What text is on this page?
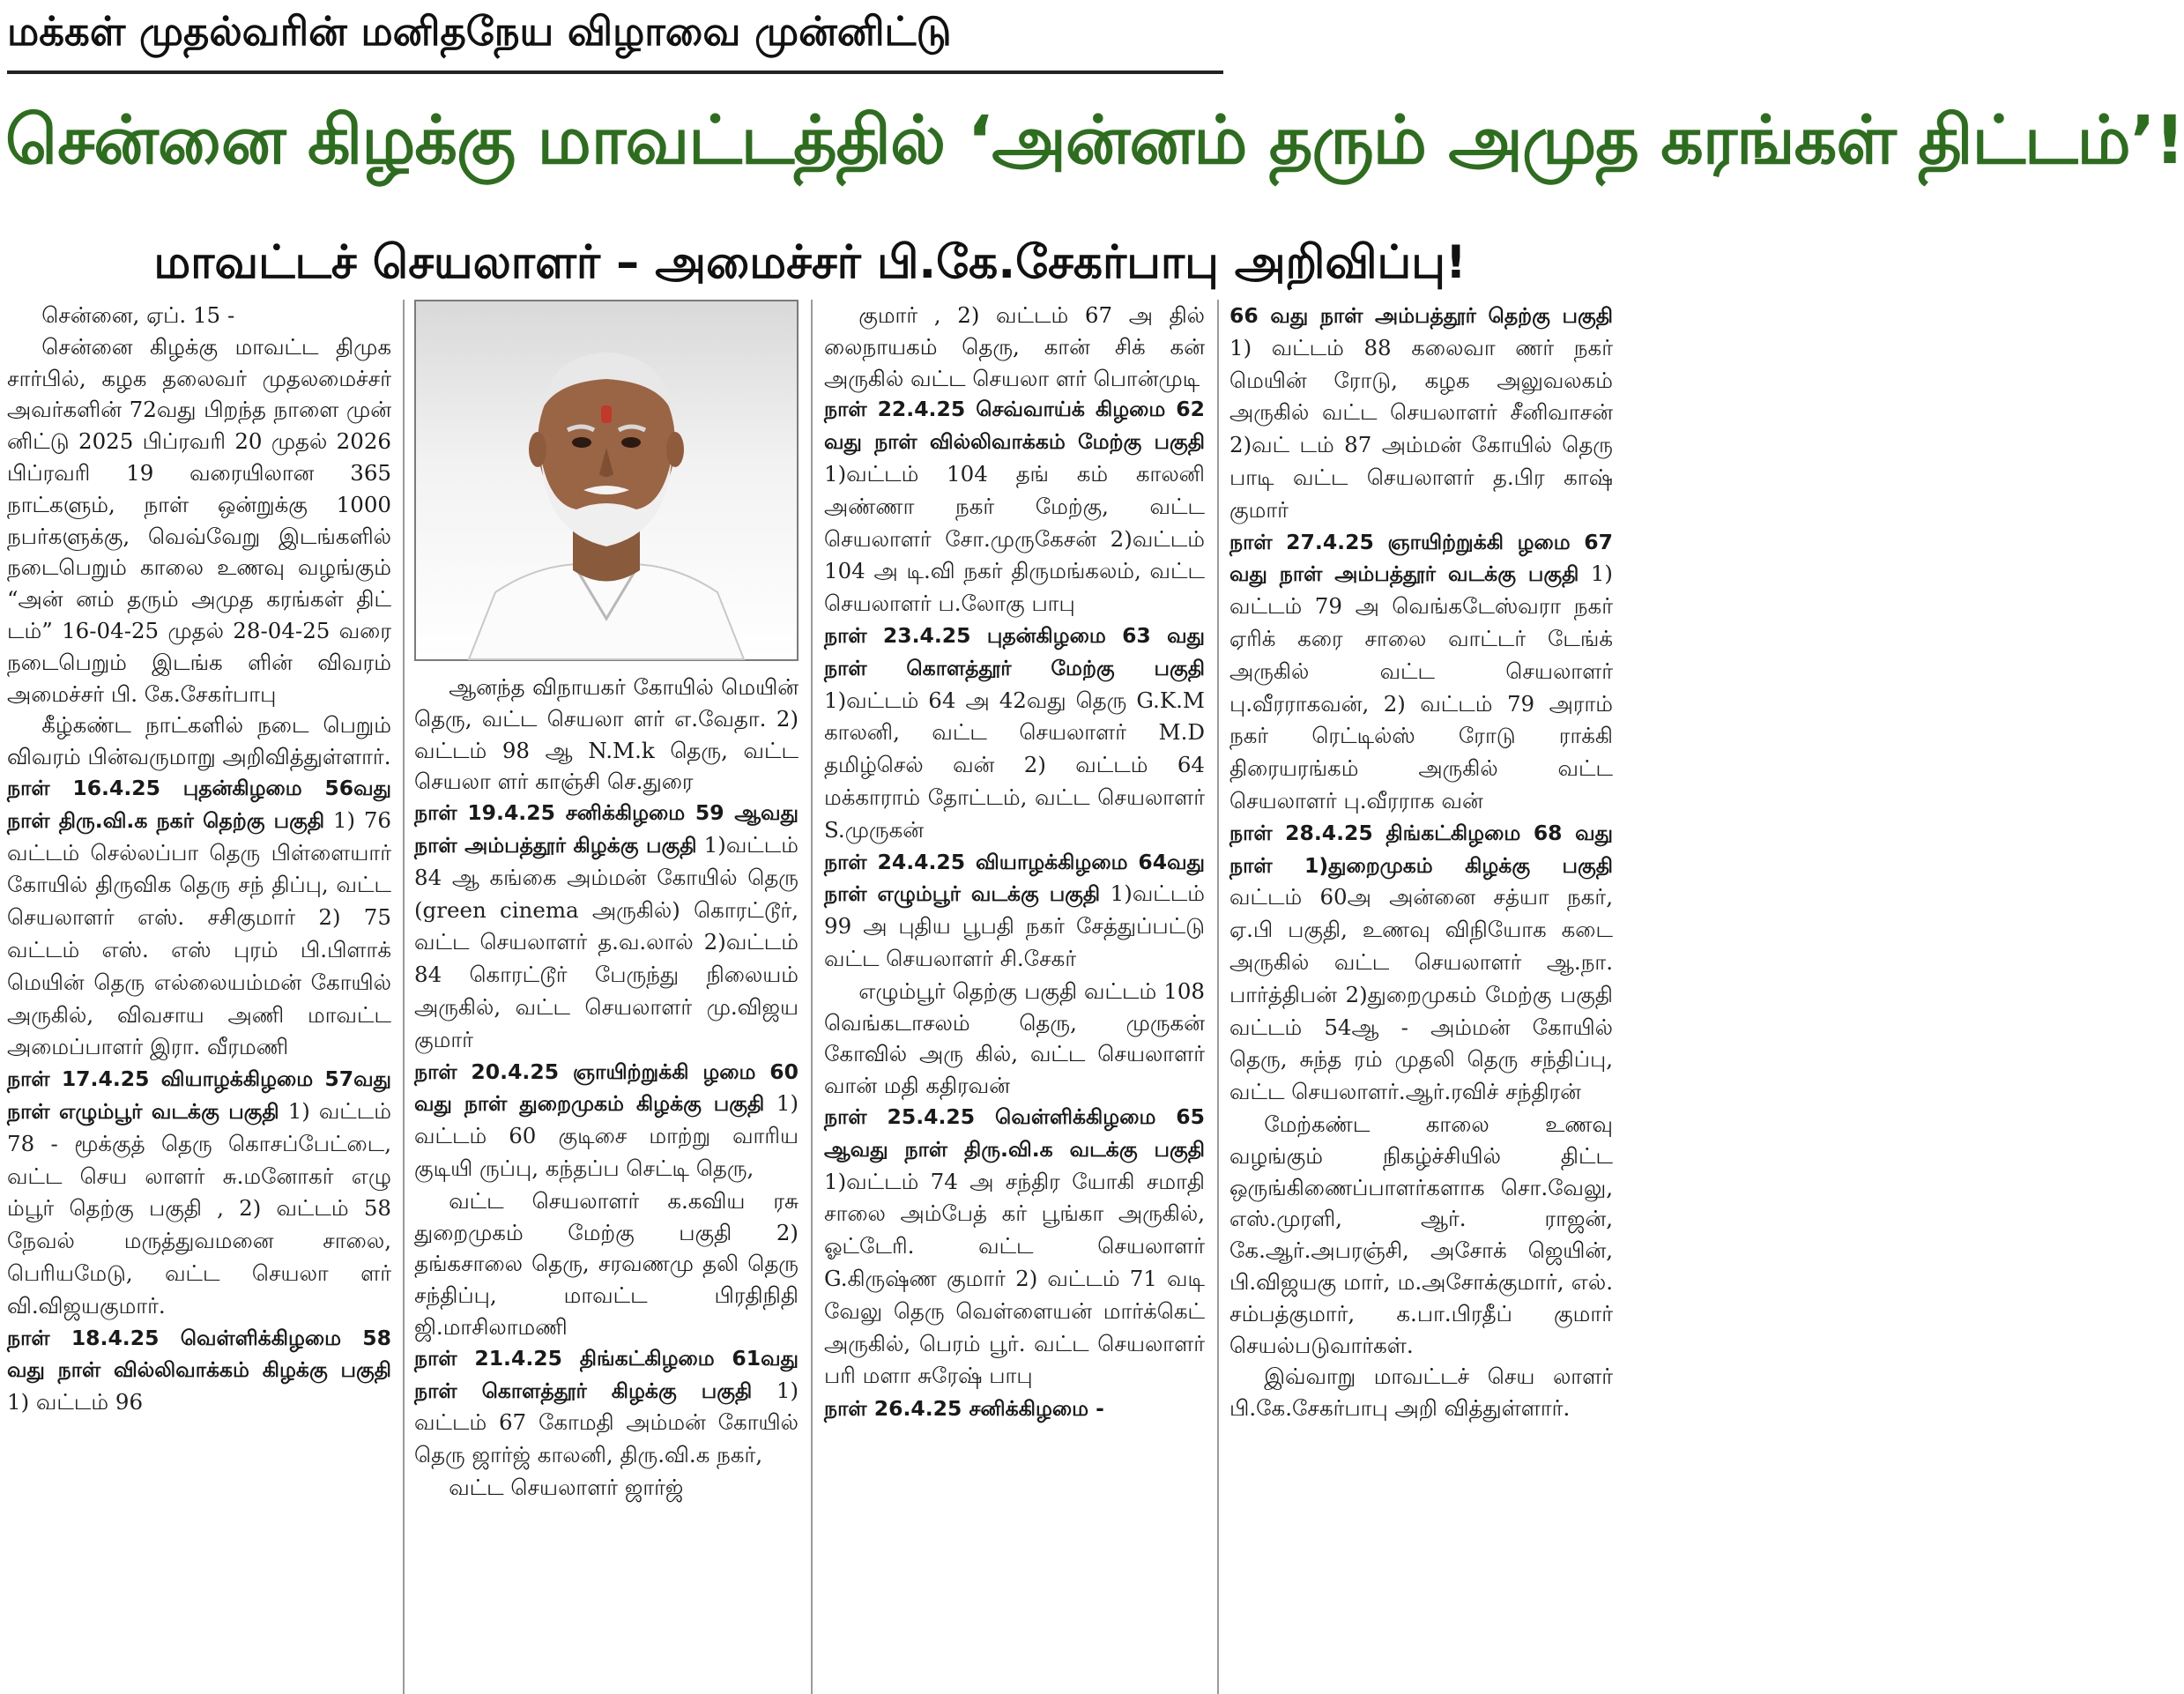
மக்கள் முதல்வரின் மனிதநேய விழாவை முன்னிட்டு
சென்னை கிழக்கு மாவட்டத்தில் ‘அன்னம் தரும் அமுத கரங்கள் திட்டம்’!
மாவட்டச் செயலாளர் – அமைச்சர் பி.கே.சேகர்பாபு அறிவிப்பு!

சென்னை, ஏப். 15 -

சென்னை கிழக்கு மாவட்ட திமுக சார்பில், கழக தலைவர் முதலமைச்சர் அவர்களின் 72வது பிறந்த நாளை முன் னிட்டு 2025 பிப்ரவரி 20 முதல் 2026 பிப்ரவரி 19 வரையிலான 365 நாட்களும், நாள் ஒன்றுக்கு 1000 நபர்களுக்கு, வெவ்வேறு இடங்களில் நடைபெறும் காலை உணவு வழங்கும் “அன் னம் தரும் அமுத கரங்கள் திட் டம்” 16-04-25 முதல் 28-04-25 வரை நடைபெறும் இடங்க ளின் விவரம் அமைச்சர் பி. கே.சேகர்பாபு

கீழ்கண்ட நாட்களில் நடை பெறும் விவரம் பின்வருமாறு அறிவித்துள்ளார்.

நாள் 16.4.25 புதன்கிழமை 56வது நாள் திரு.வி.க நகர் தெற்கு பகுதி 1) 76 வட்டம் செல்லப்பா தெரு பிள்ளையார் கோயில் திருவிக தெரு சந் திப்பு, வட்ட செயலாளர் எஸ். சசிகுமார் 2) 75 வட்டம் எஸ். எஸ் புரம் பி.பிளாக் மெயின் தெரு எல்லையம்மன் கோயில் அருகில், விவசாய அணி மாவட்ட அமைப்பாளர் இரா. வீரமணி

நாள் 17.4.25 வியாழக்கிழமை 57வது நாள் எழும்பூர் வடக்கு பகுதி 1) வட்டம் 78 - மூக்குத் தெரு கொசப்பேட்டை, வட்ட செய லாளர் சு.மனோகர் எழு ம்பூர் தெற்கு பகுதி , 2) வட்டம் 58 நேவல் மருத்துவமனை சாலை, பெரியமேடு, வட்ட செயலா ளர் வி.விஜயகுமார்.

நாள் 18.4.25 வெள்ளிக்கிழமை 58 வது நாள் வில்லிவாக்கம் கிழக்கு பகுதி 1) வட்டம் 96

ஆனந்த விநாயகர் கோயில் மெயின் தெரு, வட்ட செயலா ளர் எ.வேதா. 2) வட்டம் 98 ஆ N.M.k தெரு, வட்ட செயலா ளர் காஞ்சி செ.துரை

நாள் 19.4.25 சனிக்கிழமை 59 ஆவது நாள் அம்பத்தூர் கிழக்கு பகுதி 1)வட்டம் 84 ஆ கங்கை அம்மன் கோயில் தெரு (green cinema அருகில்) கொரட்டூர், வட்ட செயலாளர் த.வ.லால் 2)வட்டம் 84 கொரட்டூர் பேருந்து நிலையம் அருகில், வட்ட செயலாளர் மு.விஜய குமார்

நாள் 20.4.25 ஞாயிற்றுக்கி ழமை 60 வது நாள் துறைமுகம் கிழக்கு பகுதி 1) வட்டம் 60 குடிசை மாற்று வாரிய குடியி ருப்பு, கந்தப்ப செட்டி தெரு,

வட்ட செயலாளர் க.கவிய ரசு துறைமுகம் மேற்கு பகுதி 2) தங்கசாலை தெரு, சரவணமு தலி தெரு சந்திப்பு, மாவட்ட பிரதிநிதி ஜி.மாசிலாமணி

நாள் 21.4.25 திங்கட்கிழமை 61வது நாள் கொளத்தூர் கிழக்கு பகுதி 1) வட்டம் 67 கோமதி அம்மன் கோயில் தெரு ஜார்ஜ் காலனி, திரு.வி.க நகர்,

வட்ட செயலாளர் ஜார்ஜ்

குமார் , 2) வட்டம் 67 அ தில் லைநாயகம் தெரு, கான் சிக் கன் அருகில் வட்ட செயலா ளர் பொன்முடி

நாள் 22.4.25 செவ்வாய்க் கிழமை 62 வது நாள் வில்லிவாக்கம் மேற்கு பகுதி 1)வட்டம் 104 தங் கம் காலனி அண்ணா நகர் மேற்கு, வட்ட செயலாளர் சோ.முருகேசன் 2)வட்டம் 104 அ டி.வி நகர் திருமங்கலம், வட்ட செயலாளர் ப.லோகு பாபு

நாள் 23.4.25 புதன்கிழமை 63 வது நாள் கொளத்தூர் மேற்கு பகுதி 1)வட்டம் 64 அ 42வது தெரு G.K.M காலனி, வட்ட செயலாளர் M.D தமிழ்செல் வன் 2) வட்டம் 64 மக்காராம் தோட்டம், வட்ட செயலாளர் S.முருகன்

நாள் 24.4.25 வியாழக்கிழமை 64வது நாள் எழும்பூர் வடக்கு பகுதி 1)வட்டம் 99 அ புதிய பூபதி நகர் சேத்துப்பட்டு வட்ட செயலாளர் சி.சேகர்

எழும்பூர் தெற்கு பகுதி வட்டம் 108 வெங்கடாசலம் தெரு, முருகன் கோவில் அரு கில், வட்ட செயலாளர் வான் மதி கதிரவன்

நாள் 25.4.25 வெள்ளிக்கிழமை 65 ஆவது நாள் திரு.வி.க வடக்கு பகுதி 1)வட்டம் 74 அ சந்திர யோகி சமாதி சாலை அம்பேத் கர் பூங்கா அருகில், ஓட்டேரி. வட்ட செயலாளர் G.கிருஷ்ண குமார் 2) வட்டம் 71 வடி வேலு தெரு வெள்ளையன் மார்க்கெட் அருகில், பெரம் பூர். வட்ட செயலாளர் பரி மளா சுரேஷ் பாபு

நாள் 26.4.25 சனிக்கிழமை -

66 வது நாள் அம்பத்தூர் தெற்கு பகுதி 1) வட்டம் 88 கலைவா ணர் நகர் மெயின் ரோடு, கழக அலுவலகம் அருகில் வட்ட செயலாளர் சீனிவாசன் 2)வட் டம் 87 அம்மன் கோயில் தெரு பாடி வட்ட செயலாளர் த.பிர காஷ் குமார்

நாள் 27.4.25 ஞாயிற்றுக்கி ழமை 67 வது நாள் அம்பத்தூர் வடக்கு பகுதி 1) வட்டம் 79 அ வெங்கடேஸ்வரா நகர் ஏரிக் கரை சாலை வாட்டர் டேங்க் அருகில் வட்ட செயலாளர் பு.வீரராகவன், 2) வட்டம் 79 அராம் நகர் ரெட்டில்ஸ் ரோடு ராக்கி திரையரங்கம் அருகில் வட்ட செயலாளர் பு.வீரராக வன்

நாள் 28.4.25 திங்கட்கிழமை 68 வது நாள் 1)துறைமுகம் கிழக்கு பகுதி வட்டம் 60அ அன்னை சத்யா நகர், ஏ.பி பகுதி, உணவு விநியோக கடை அருகில் வட்ட செயலாளர் ஆ.நா. பார்த்திபன் 2)துறைமுகம் மேற்கு பகுதி வட்டம் 54ஆ - அம்மன் கோயில் தெரு, சுந்த ரம் முதலி தெரு சந்திப்பு, வட்ட செயலாளர்.ஆர்.ரவிச் சந்திரன்

மேற்கண்ட காலை உணவு வழங்கும் நிகழ்ச்சியில் திட்ட ஒருங்கிணைப்பாளர்களாக சொ.வேலு, எஸ்.முரளி, ஆர். ராஜன், கே.ஆர்.அபரஞ்சி, அசோக் ஜெயின், பி.விஜயகு மார், ம.அசோக்குமார், எல். சம்பத்குமார், க.பா.பிரதீப் குமார் செயல்படுவார்கள்.

இவ்வாறு மாவட்டச் செய லாளர் பி.கே.சேகர்பாபு அறி வித்துள்ளார்.
